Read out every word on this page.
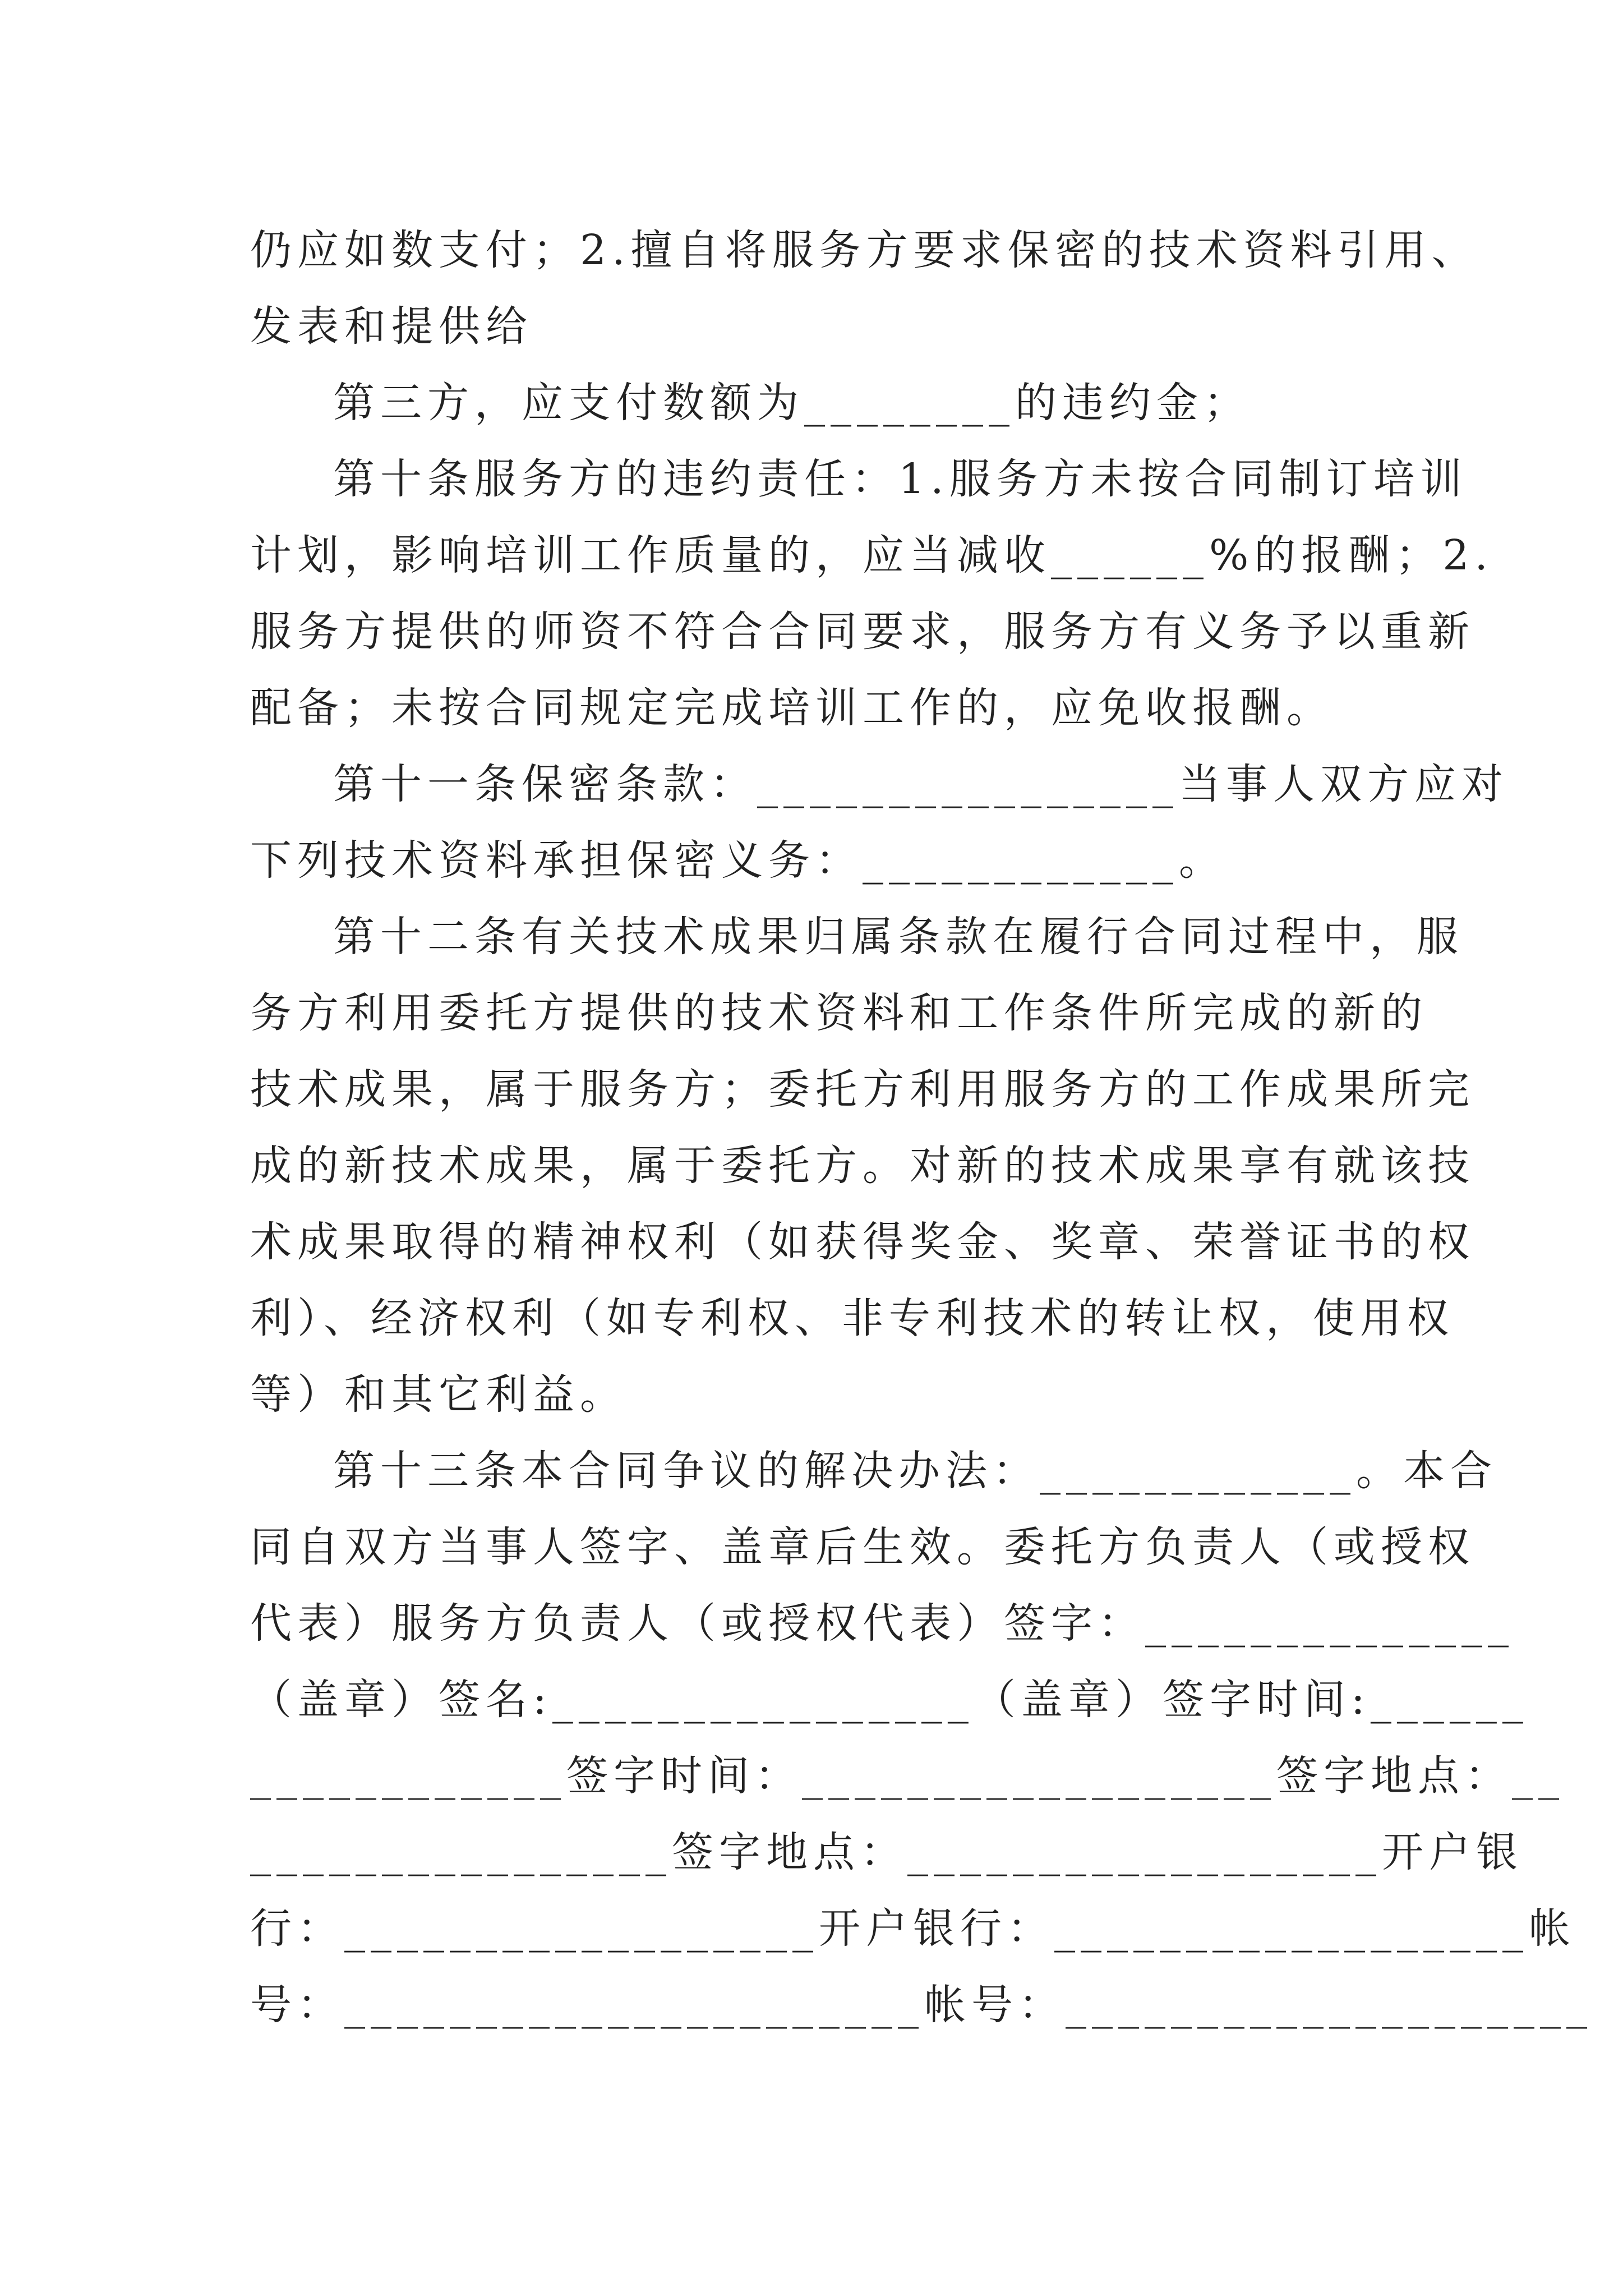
仍应如数支付；2.擅自将服务方要求保密的技术资料引用、
发表和提供给
第三方，应支付数额为________的违约金；
第十条服务方的违约责任：1.服务方未按合同制订培训
计划，影响培训工作质量的，应当减收______%的报酬；2.
服务方提供的师资不符合合同要求，服务方有义务予以重新
配备；未按合同规定完成培训工作的，应免收报酬。
第十一条保密条款：________________当事人双方应对
下列技术资料承担保密义务：____________。
第十二条有关技术成果归属条款在履行合同过程中，服
务方利用委托方提供的技术资料和工作条件所完成的新的
技术成果，属于服务方；委托方利用服务方的工作成果所完
成的新技术成果，属于委托方。对新的技术成果享有就该技
术成果取得的精神权利（如获得奖金、奖章、荣誉证书的权
利）、经济权利（如专利权、非专利技术的转让权，使用权
等）和其它利益。
第十三条本合同争议的解决办法：____________。本合
同自双方当事人签字、盖章后生效。委托方负责人（或授权
代表）服务方负责人（或授权代表）签字：______________
（盖章）签名:________________（盖章）签字时间:______
____________签字时间：__________________签字地点：__
________________签字地点：__________________开户银
行：__________________开户银行：__________________帐
号：______________________帐号：____________________
